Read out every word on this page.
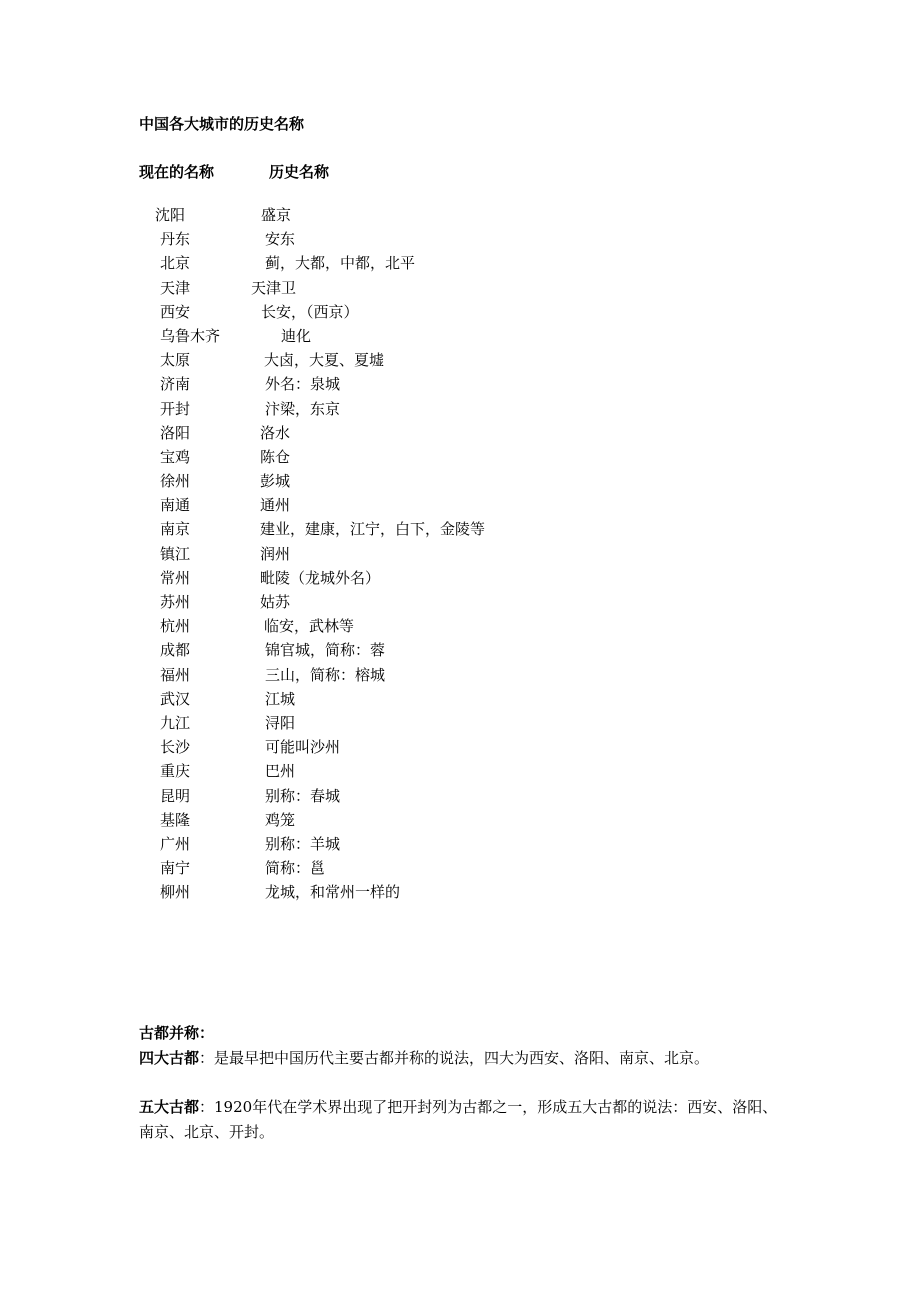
中国各大城市的历史名称
现在的名称	历史名称
沈阳	盛京
丹东	安东
北京	蓟，大都，中都，北平
天津	天津卫
西安	长安，（西京）
乌鲁木齐	迪化
太原	大卤，大夏、夏墟
济南	外名：泉城
开封	汴梁，东京
洛阳	洛水
宝鸡	陈仓
徐州	彭城
南通	通州
南京	建业，建康，江宁，白下，金陵等
镇江	润州
常州	毗陵（龙城外名）
苏州	姑苏
杭州	临安，武林等
成都	锦官城，简称：蓉
福州	三山，简称：榕城
武汉	江城
九江	浔阳
长沙	可能叫沙州
重庆	巴州
昆明	别称：春城
基隆	鸡笼
广州	别称：羊城
南宁	简称：邕
柳州	龙城，和常州一样的
古都并称：
四大古都：是最早把中国历代主要古都并称的说法，四大为西安、洛阳、南京、北京。
五大古都：1920年代在学术界出现了把开封列为古都之一，形成五大古都的说法：西安、洛阳、南京、北京、开封。
